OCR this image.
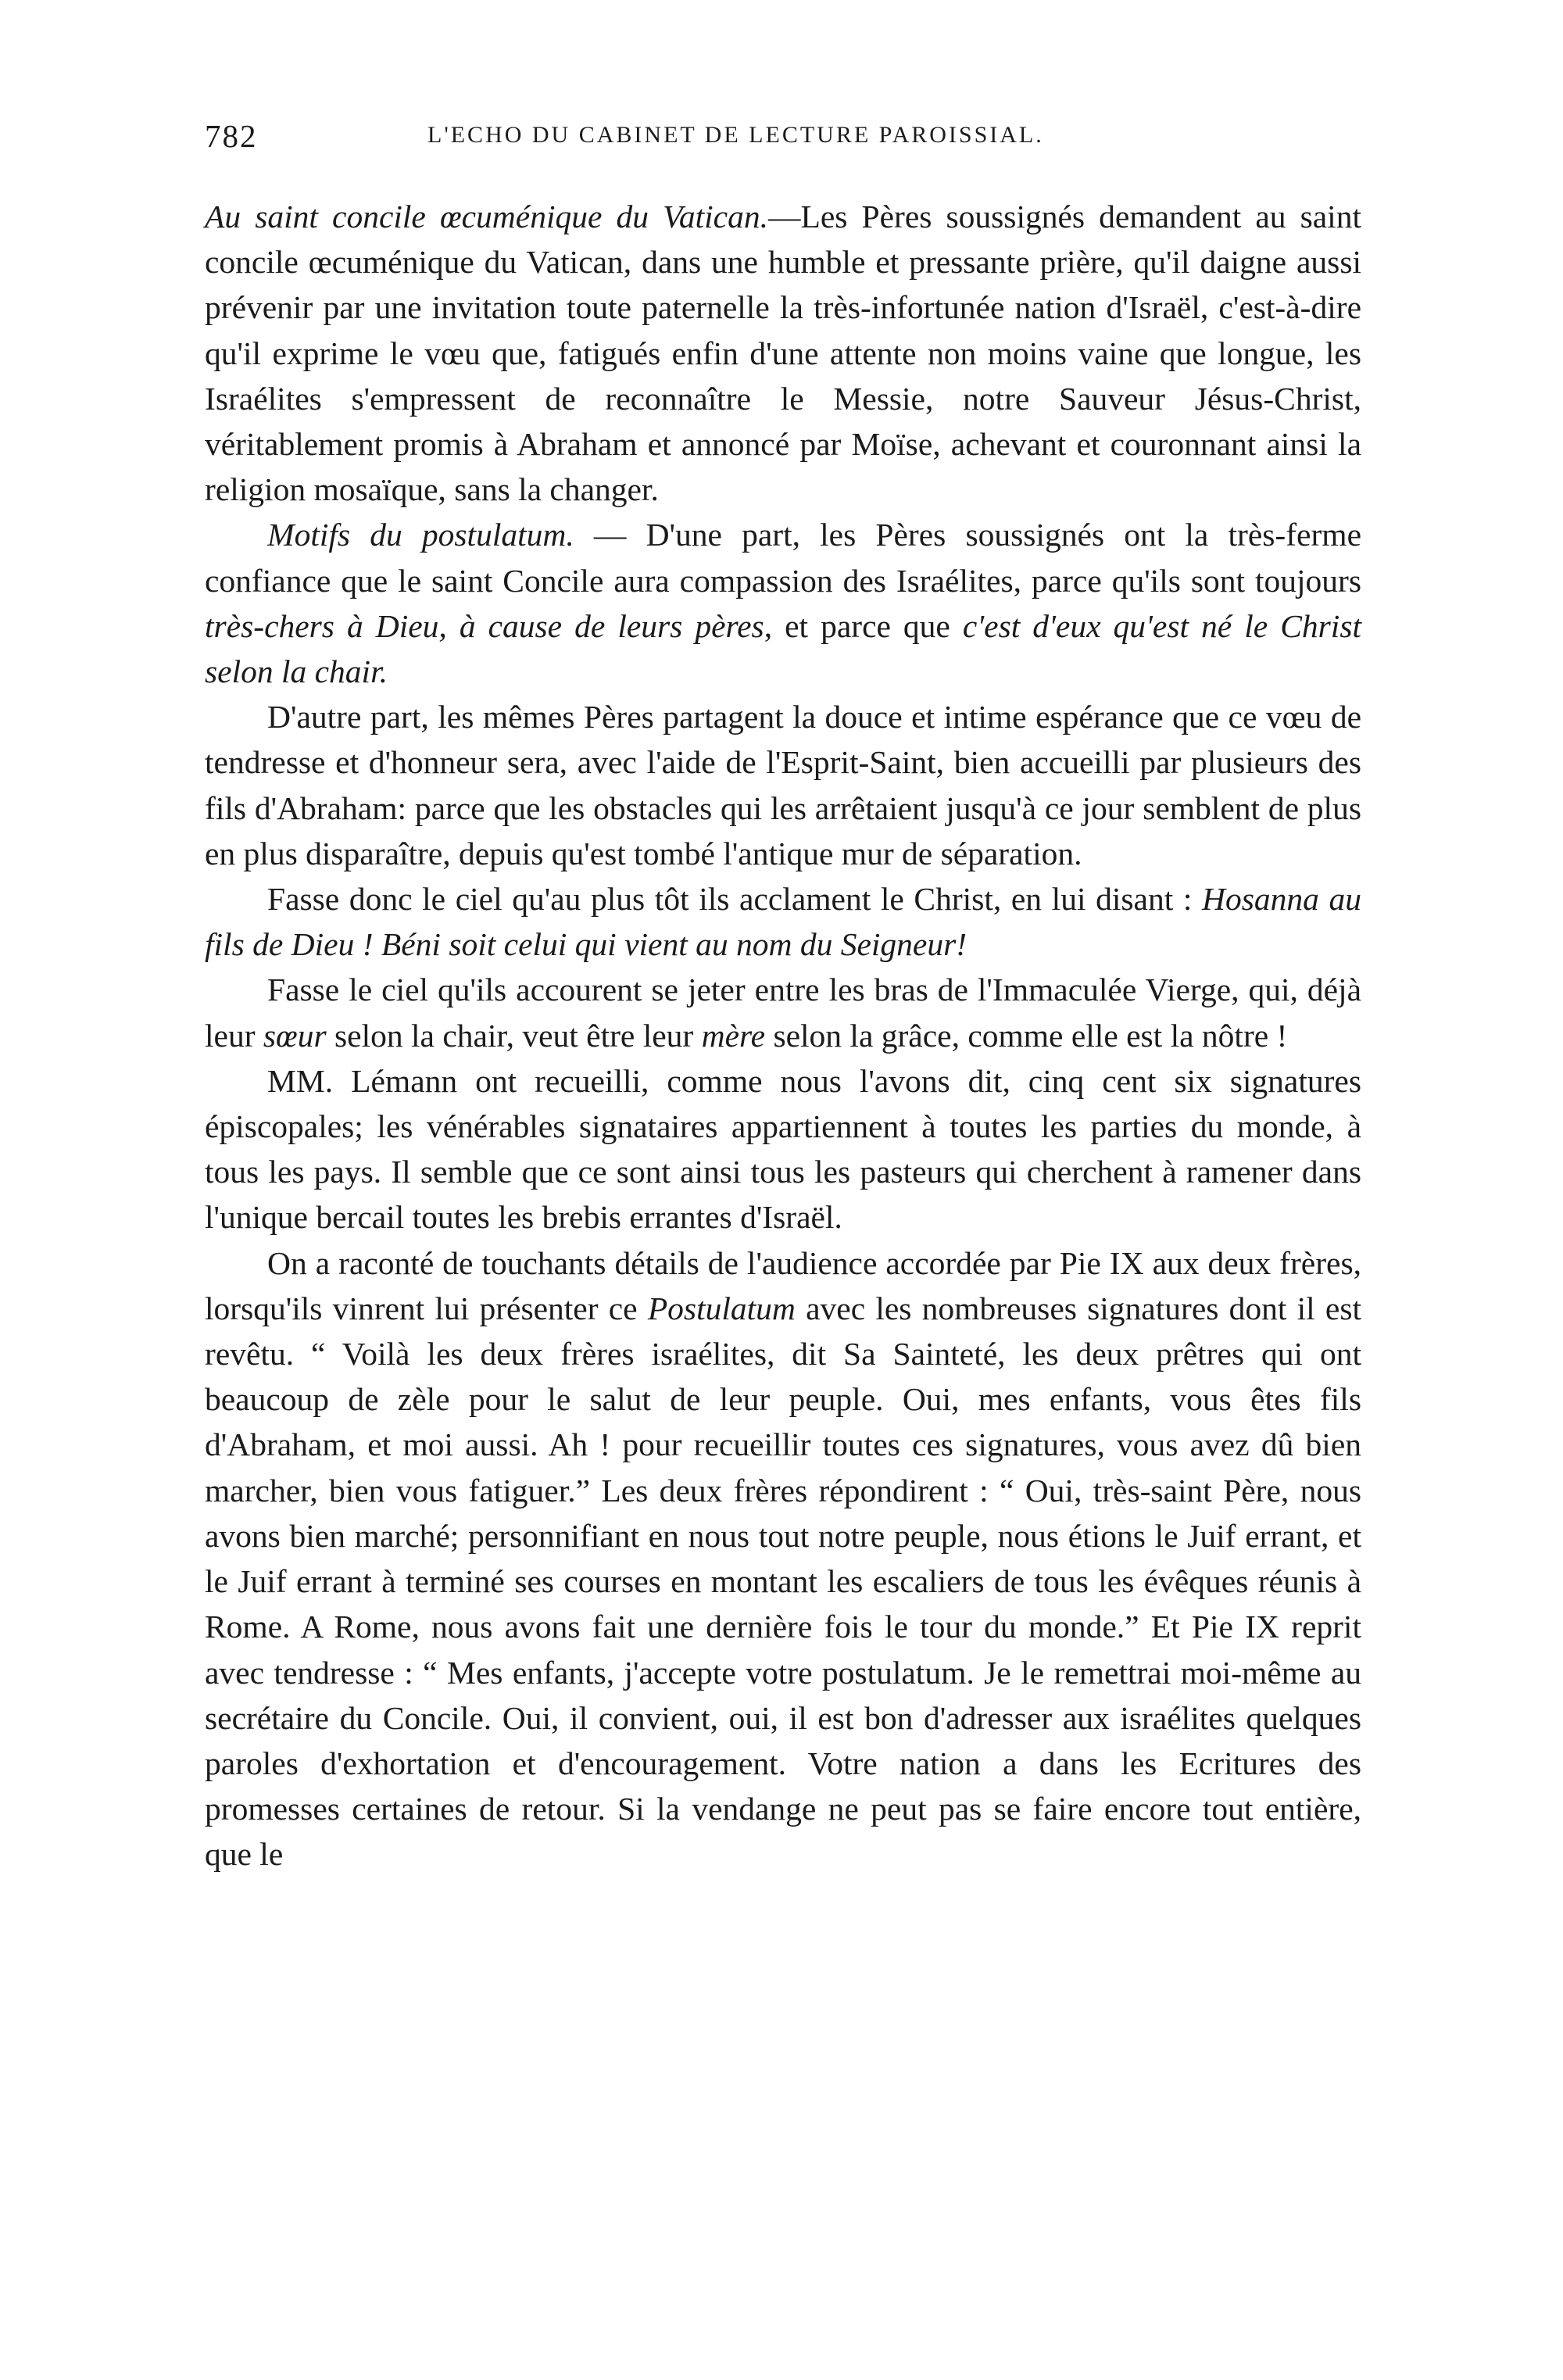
782	L'ECHO DU CABINET DE LECTURE PAROISSIAL.

Au saint concile œcuménique du Vatican.—Les Pères soussignés demandent au saint concile œcuménique du Vatican, dans une humble et pressante prière, qu'il daigne aussi prévenir par une invitation toute paternelle la très-infortunée nation d'Israël, c'est-à-dire qu'il exprime le vœu que, fatigués enfin d'une attente non moins vaine que longue, les Israélites s'empressent de reconnaître le Messie, notre Sauveur Jésus-Christ, véritablement promis à Abraham et annoncé par Moïse, achevant et couronnant ainsi la religion mosaïque, sans la changer.

Motifs du postulatum. — D'une part, les Pères soussignés ont la très-ferme confiance que le saint Concile aura compassion des Israélites, parce qu'ils sont toujours très-chers à Dieu, à cause de leurs pères, et parce que c'est d'eux qu'est né le Christ selon la chair.

D'autre part, les mêmes Pères partagent la douce et intime espérance que ce vœu de tendresse et d'honneur sera, avec l'aide de l'Esprit-Saint, bien accueilli par plusieurs des fils d'Abraham: parce que les obstacles qui les arrêtaient jusqu'à ce jour semblent de plus en plus disparaître, depuis qu'est tombé l'antique mur de séparation.

Fasse donc le ciel qu'au plus tôt ils acclament le Christ, en lui disant : Hosanna au fils de Dieu ! Béni soit celui qui vient au nom du Seigneur!

Fasse le ciel qu'ils accourent se jeter entre les bras de l'Immaculée Vierge, qui, déjà leur sœur selon la chair, veut être leur mère selon la grâce, comme elle est la nôtre !

MM. Lémann ont recueilli, comme nous l'avons dit, cinq cent six signatures épiscopales; les vénérables signataires appartiennent à toutes les parties du monde, à tous les pays. Il semble que ce sont ainsi tous les pasteurs qui cherchent à ramener dans l'unique bercail toutes les brebis errantes d'Israël.

On a raconté de touchants détails de l'audience accordée par Pie IX aux deux frères, lorsqu'ils vinrent lui présenter ce Postulatum avec les nombreuses signatures dont il est revêtu. “ Voilà les deux frères israélites, dit Sa Sainteté, les deux prêtres qui ont beaucoup de zèle pour le salut de leur peuple. Oui, mes enfants, vous êtes fils d'Abraham, et moi aussi. Ah ! pour recueillir toutes ces signatures, vous avez dû bien marcher, bien vous fatiguer.” Les deux frères répondirent : “ Oui, très-saint Père, nous avons bien marché; personnifiant en nous tout notre peuple, nous étions le Juif errant, et le Juif errant à terminé ses courses en montant les escaliers de tous les évêques réunis à Rome. A Rome, nous avons fait une dernière fois le tour du monde.” Et Pie IX reprit avec tendresse : “ Mes enfants, j'accepte votre postulatum. Je le remettrai moi-même au secrétaire du Concile. Oui, il convient, oui, il est bon d'adresser aux israélites quelques paroles d'exhortation et d'encouragement. Votre nation a dans les Ecritures des promesses certaines de retour. Si la vendange ne peut pas se faire encore tout entière, que le
